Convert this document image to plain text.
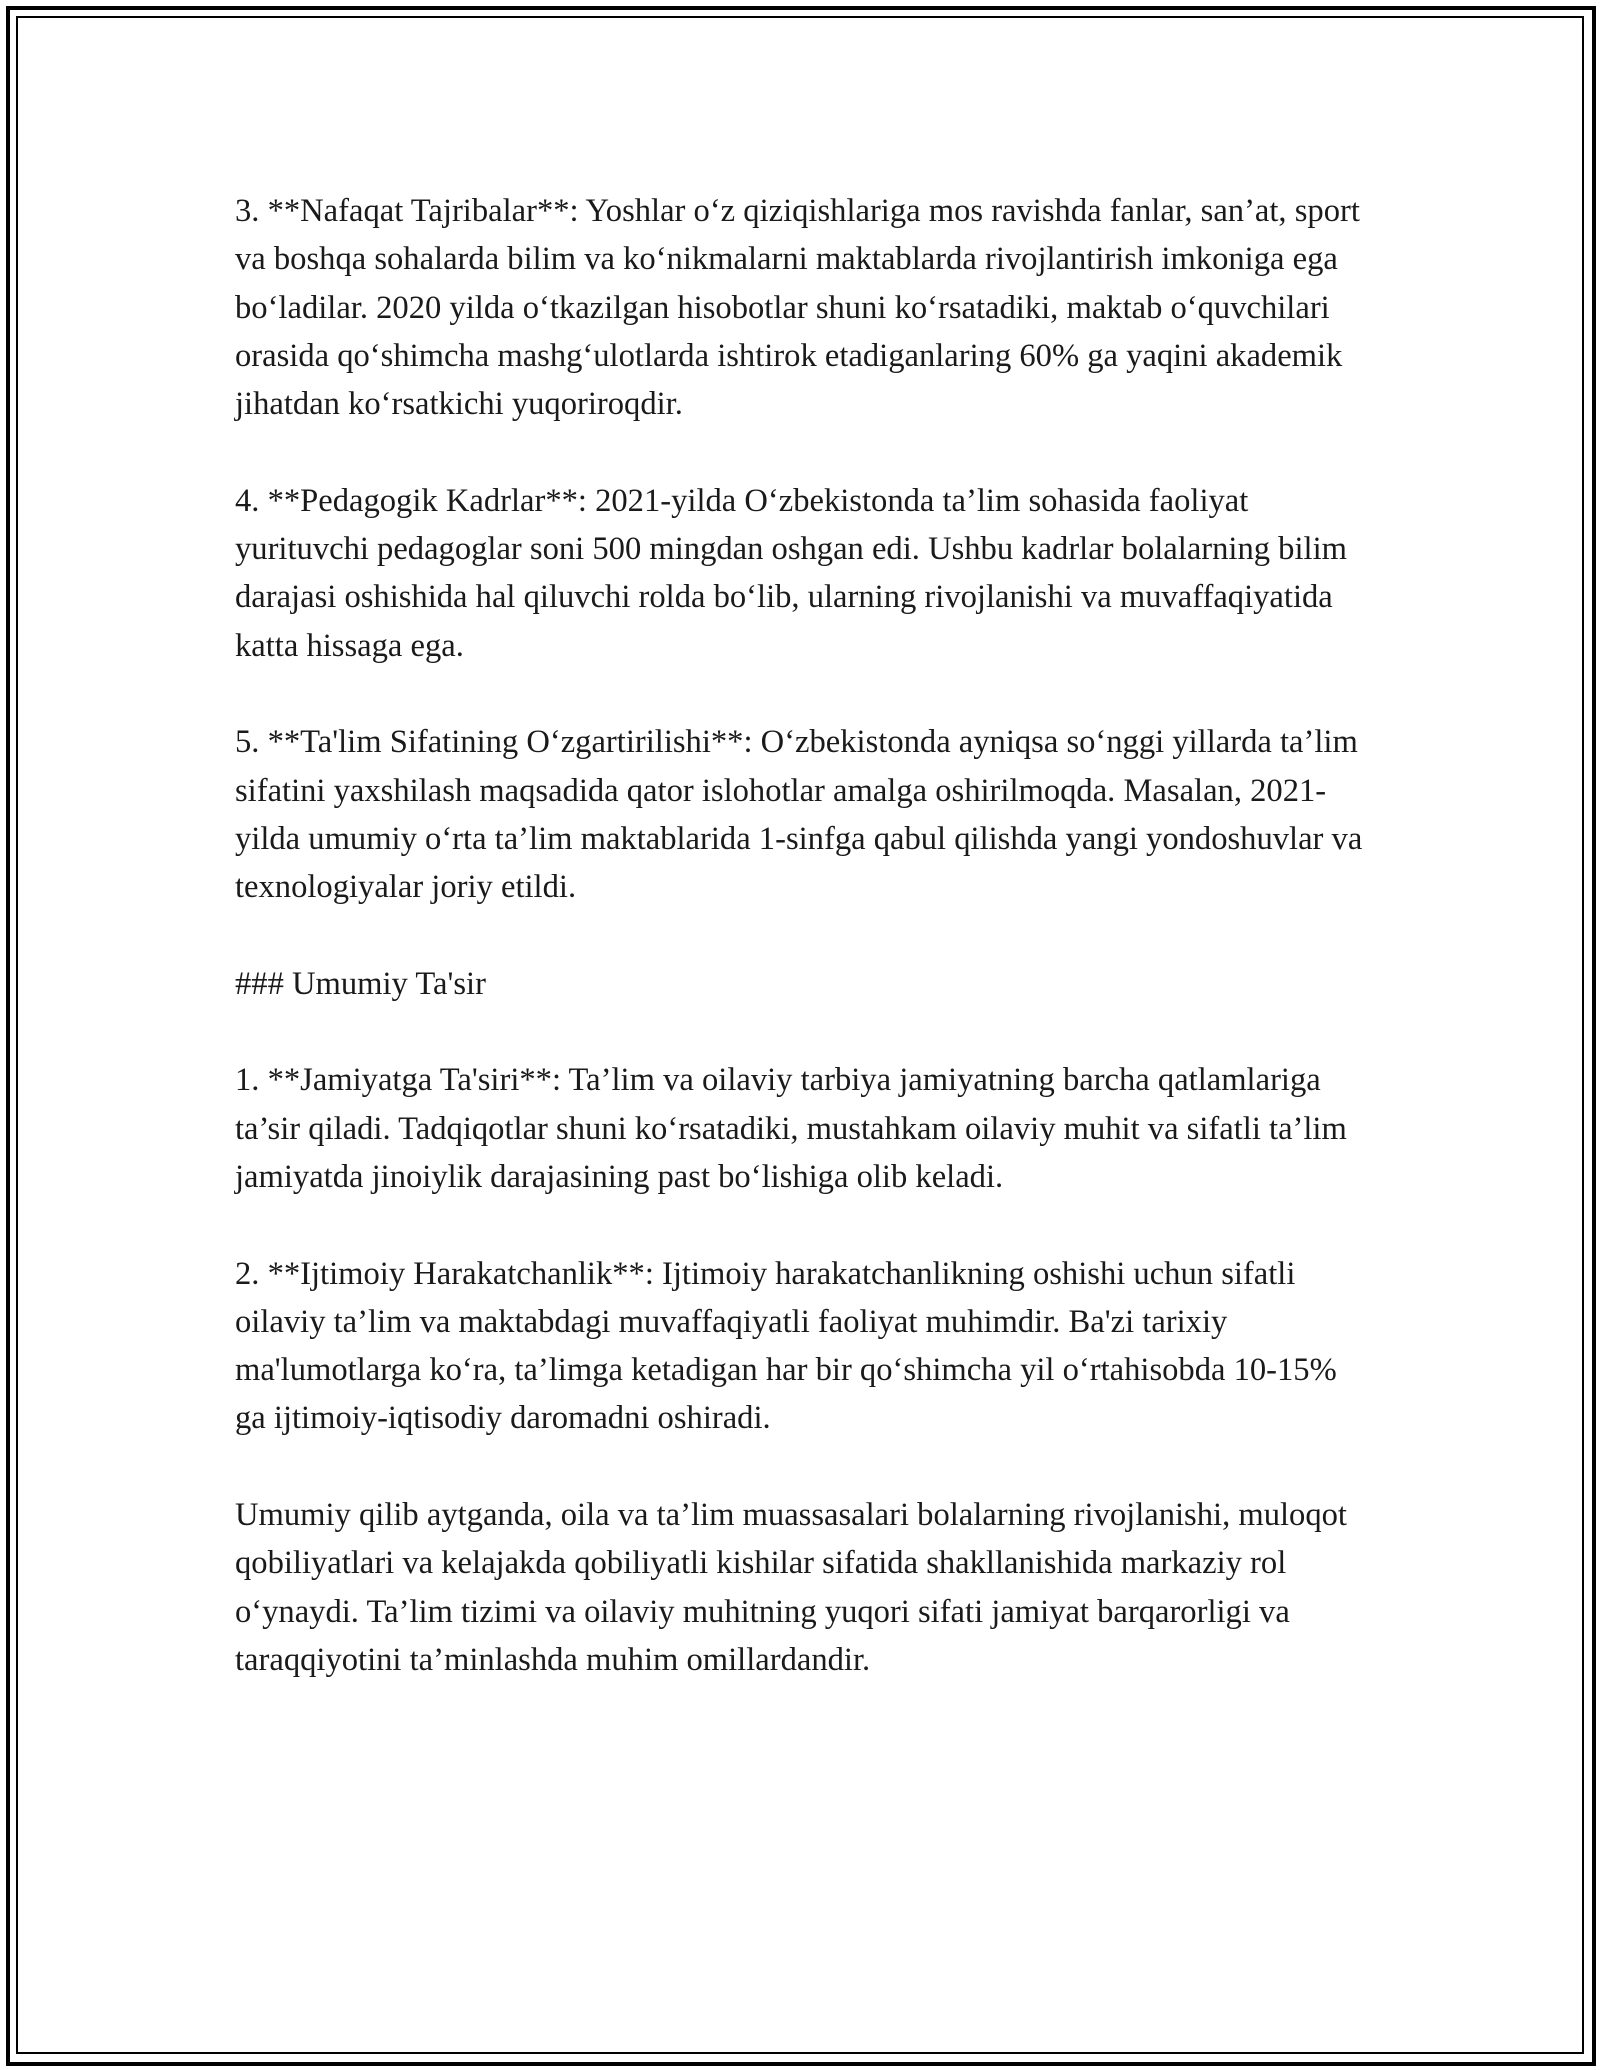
3. **Nafaqat Tajribalar**: Yoshlar o‘z qiziqishlariga mos ravishda fanlar, san’at, sport va boshqa sohalarda bilim va ko‘nikmalarni maktablarda rivojlantirish imkoniga ega bo‘ladilar. 2020 yilda o‘tkazilgan hisobotlar shuni ko‘rsatadiki, maktab o‘quvchilari orasida qo‘shimcha mashg‘ulotlarda ishtirok etadiganlaring 60% ga yaqini akademik jihatdan ko‘rsatkichi yuqoriroqdir.

4. **Pedagogik Kadrlar**: 2021-yilda O‘zbekistonda ta’lim sohasida faoliyat yurituvchi pedagoglar soni 500 mingdan oshgan edi. Ushbu kadrlar bolalarning bilim darajasi oshishida hal qiluvchi rolda bo‘lib, ularning rivojlanishi va muvaffaqiyatida katta hissaga ega.

5. **Ta'lim Sifatining O‘zgartirilishi**: O‘zbekistonda ayniqsa so‘nggi yillarda ta’lim sifatini yaxshilash maqsadida qator islohotlar amalga oshirilmoqda. Masalan, 2021-yilda umumiy o‘rta ta’lim maktablarida 1-sinfga qabul qilishda yangi yondoshuvlar va texnologiyalar joriy etildi.

### Umumiy Ta'sir

1. **Jamiyatga Ta'siri**: Ta’lim va oilaviy tarbiya jamiyatning barcha qatlamlariga ta’sir qiladi. Tadqiqotlar shuni ko‘rsatadiki, mustahkam oilaviy muhit va sifatli ta’lim jamiyatda jinoiylik darajasining past bo‘lishiga olib keladi.

2. **Ijtimoiy Harakatchanlik**: Ijtimoiy harakatchanlikning oshishi uchun sifatli oilaviy ta’lim va maktabdagi muvaffaqiyatli faoliyat muhimdir. Ba'zi tarixiy ma'lumotlarga ko‘ra, ta’limga ketadigan har bir qo‘shimcha yil o‘rtahisobda 10-15% ga ijtimoiy-iqtisodiy daromadni oshiradi.

Umumiy qilib aytganda, oila va ta’lim muassasalari bolalarning rivojlanishi, muloqot qobiliyatlari va kelajakda qobiliyatli kishilar sifatida shakllanishida markaziy rol o‘ynaydi. Ta’lim tizimi va oilaviy muhitning yuqori sifati jamiyat barqarorligi va taraqqiyotini ta’minlashda muhim omillardandir.
